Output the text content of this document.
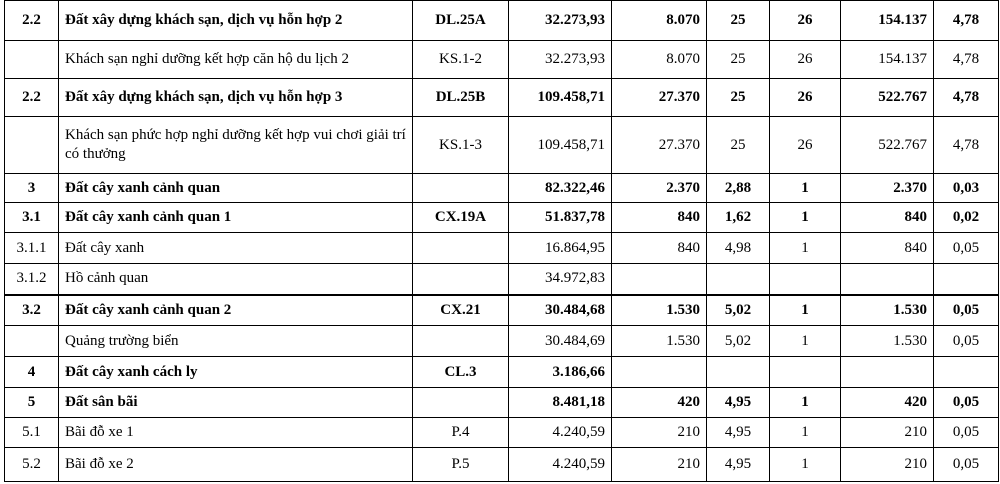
2.2	Đất xây dựng khách sạn, dịch vụ hỗn hợp 2	DL.25A	32.273,93	8.070	25	26	154.137	4,78
	Khách sạn nghỉ dưỡng kết hợp căn hộ du lịch 2	KS.1-2	32.273,93	8.070	25	26	154.137	4,78
2.2	Đất xây dựng khách sạn, dịch vụ hỗn hợp 3	DL.25B	109.458,71	27.370	25	26	522.767	4,78
	Khách sạn phức hợp nghỉ dưỡng kết hợp vui chơi giải trí có thưởng	KS.1-3	109.458,71	27.370	25	26	522.767	4,78
3	Đất cây xanh cảnh quan		82.322,46	2.370	2,88	1	2.370	0,03
3.1	Đất cây xanh cảnh quan 1	CX.19A	51.837,78	840	1,62	1	840	0,02
3.1.1	Đất cây xanh		16.864,95	840	4,98	1	840	0,05
3.1.2	Hồ cảnh quan		34.972,83					
3.2	Đất cây xanh cảnh quan 2	CX.21	30.484,68	1.530	5,02	1	1.530	0,05
	Quảng trường biển		30.484,69	1.530	5,02	1	1.530	0,05
4	Đất cây xanh cách ly	CL.3	3.186,66					
5	Đất sân bãi		8.481,18	420	4,95	1	420	0,05
5.1	Bãi đỗ xe 1	P.4	4.240,59	210	4,95	1	210	0,05
5.2	Bãi đỗ xe 2	P.5	4.240,59	210	4,95	1	210	0,05
